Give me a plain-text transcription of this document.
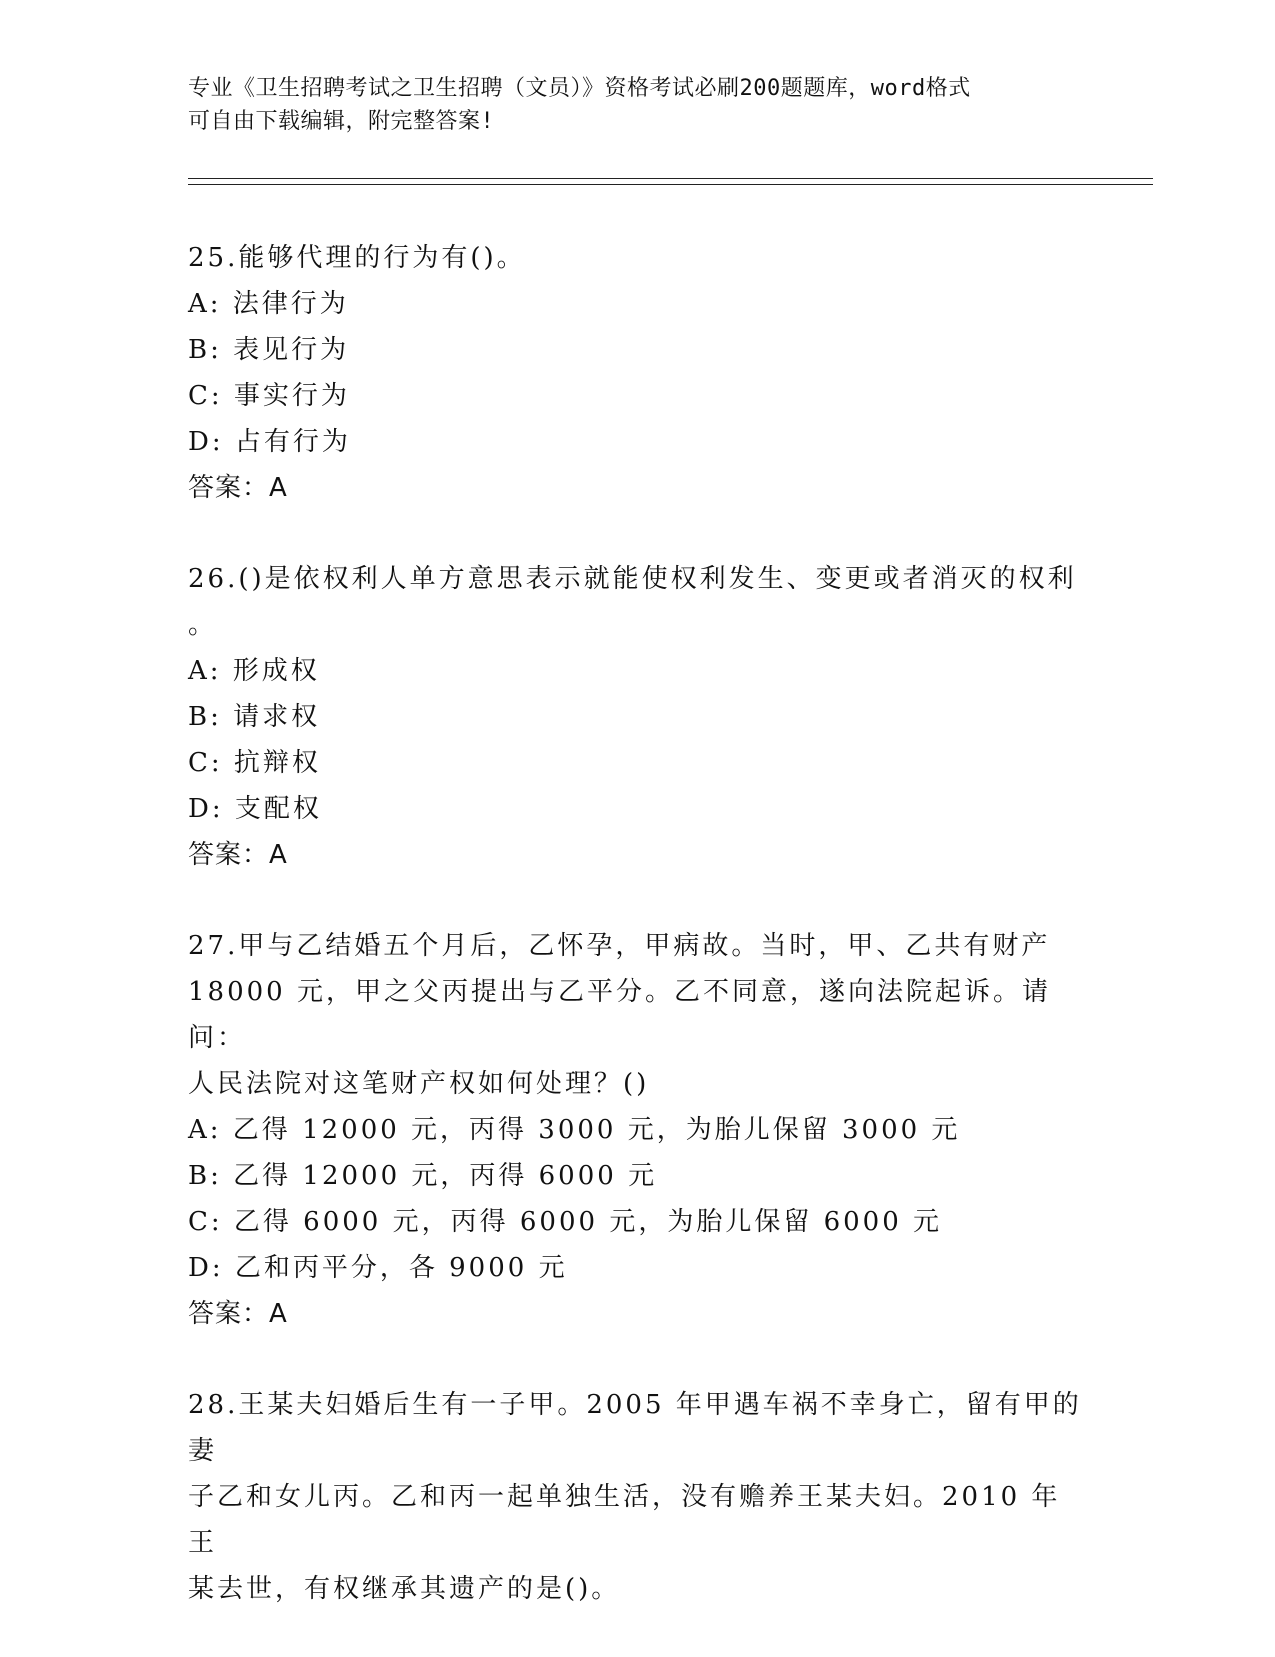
专业《卫生招聘考试之卫生招聘（文员）》资格考试必刷200题题库，word格式
可自由下载编辑，附完整答案!
25.能够代理的行为有()。
A: 法律行为
B: 表见行为
C: 事实行为
D: 占有行为
答案：A
26.()是依权利人单方意思表示就能使权利发生、变更或者消灭的权利
。
A: 形成权
B: 请求权
C: 抗辩权
D: 支配权
答案：A
27.甲与乙结婚五个月后，乙怀孕，甲病故。当时，甲、乙共有财产
18000 元，甲之父丙提出与乙平分。乙不同意，遂向法院起诉。请问：
人民法院对这笔财产权如何处理？()
A: 乙得 12000 元，丙得 3000 元，为胎儿保留 3000 元
B: 乙得 12000 元，丙得 6000 元
C: 乙得 6000 元，丙得 6000 元，为胎儿保留 6000 元
D: 乙和丙平分，各 9000 元
答案：A
28.王某夫妇婚后生有一子甲。2005 年甲遇车祸不幸身亡，留有甲的妻
子乙和女儿丙。乙和丙一起单独生活，没有赡养王某夫妇。2010 年王
某去世，有权继承其遗产的是()。
